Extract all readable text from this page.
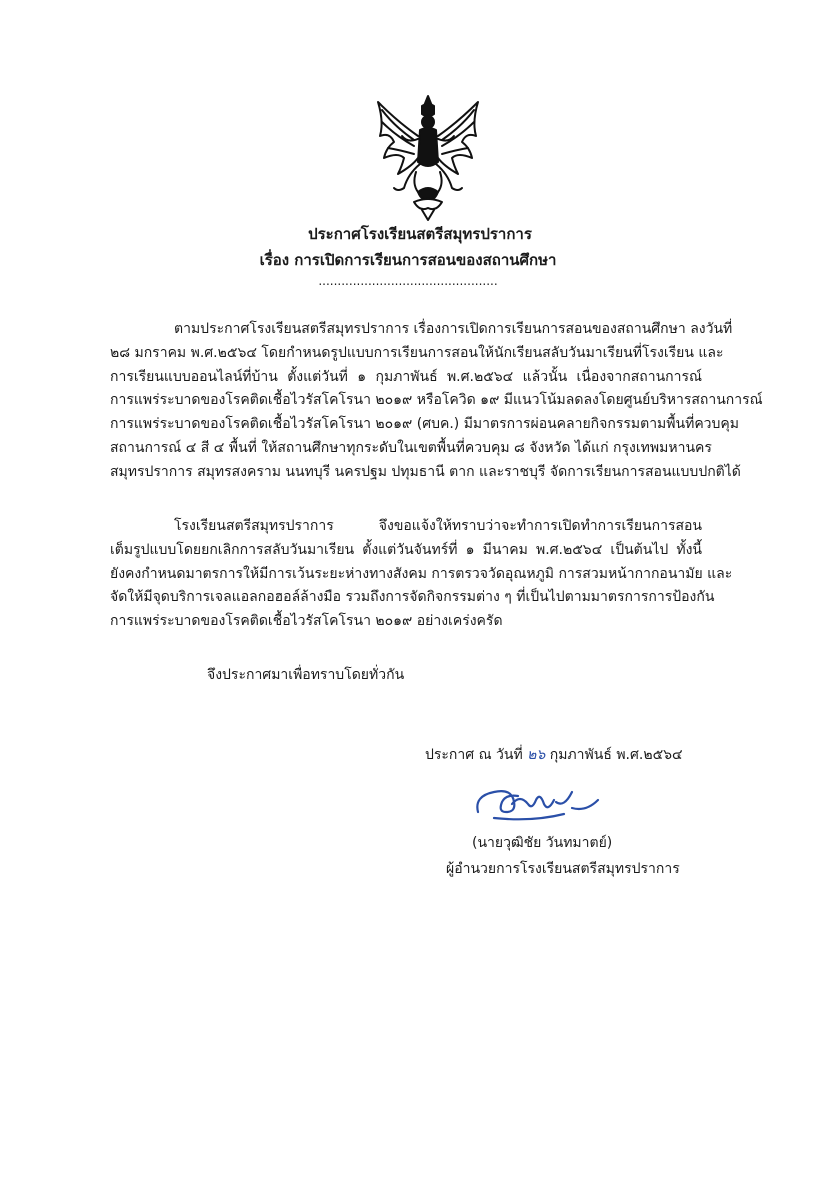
ประกาศโรงเรียนสตรีสมุทรปราการ
เรื่อง การเปิดการเรียนการสอนของสถานศึกษา
...............................................
ตามประกาศโรงเรียนสตรีสมุทรปราการ เรื่องการเปิดการเรียนการสอนของสถานศึกษา ลงวันที่
๒๘ มกราคม พ.ศ.๒๕๖๔ โดยกำหนดรูปแบบการเรียนการสอนให้นักเรียนสลับวันมาเรียนที่โรงเรียน และ
การเรียนแบบออนไลน์ที่บ้าน ตั้งแต่วันที่ ๑ กุมภาพันธ์ พ.ศ.๒๕๖๔ แล้วนั้น เนื่องจากสถานการณ์
การแพร่ระบาดของโรคติดเชื้อไวรัสโคโรนา ๒๐๑๙ หรือโควิด ๑๙ มีแนวโน้มลดลงโดยศูนย์บริหารสถานการณ์
การแพร่ระบาดของโรคติดเชื้อไวรัสโคโรนา ๒๐๑๙ (ศบค.) มีมาตรการผ่อนคลายกิจกรรมตามพื้นที่ควบคุม
สถานการณ์ ๔ สี ๔ พื้นที่ ให้สถานศึกษาทุกระดับในเขตพื้นที่ควบคุม ๘ จังหวัด ได้แก่ กรุงเทพมหานคร
สมุทรปราการ สมุทรสงคราม นนทบุรี นครปฐม ปทุมธานี ตาก และราชบุรี จัดการเรียนการสอนแบบปกติได้
โรงเรียนสตรีสมุทรปราการ จึงขอแจ้งให้ทราบว่าจะทำการเปิดทำการเรียนการสอน
เต็มรูปแบบโดยยกเลิกการสลับวันมาเรียน ตั้งแต่วันจันทร์ที่ ๑ มีนาคม พ.ศ.๒๕๖๔ เป็นต้นไป ทั้งนี้
ยังคงกำหนดมาตรการให้มีการเว้นระยะห่างทางสังคม การตรวจวัดอุณหภูมิ การสวมหน้ากากอนามัย และ
จัดให้มีจุดบริการเจลแอลกอฮอล์ล้างมือ รวมถึงการจัดกิจกรรมต่าง ๆ ที่เป็นไปตามมาตรการการป้องกัน
การแพร่ระบาดของโรคติดเชื้อไวรัสโคโรนา ๒๐๑๙ อย่างเคร่งครัด
จึงประกาศมาเพื่อทราบโดยทั่วกัน
ประกาศ ณ วันที่ ๒๖ กุมภาพันธ์ พ.ศ.๒๕๖๔
(นายวุฒิชัย วันทมาตย์)
ผู้อำนวยการโรงเรียนสตรีสมุทรปราการ
